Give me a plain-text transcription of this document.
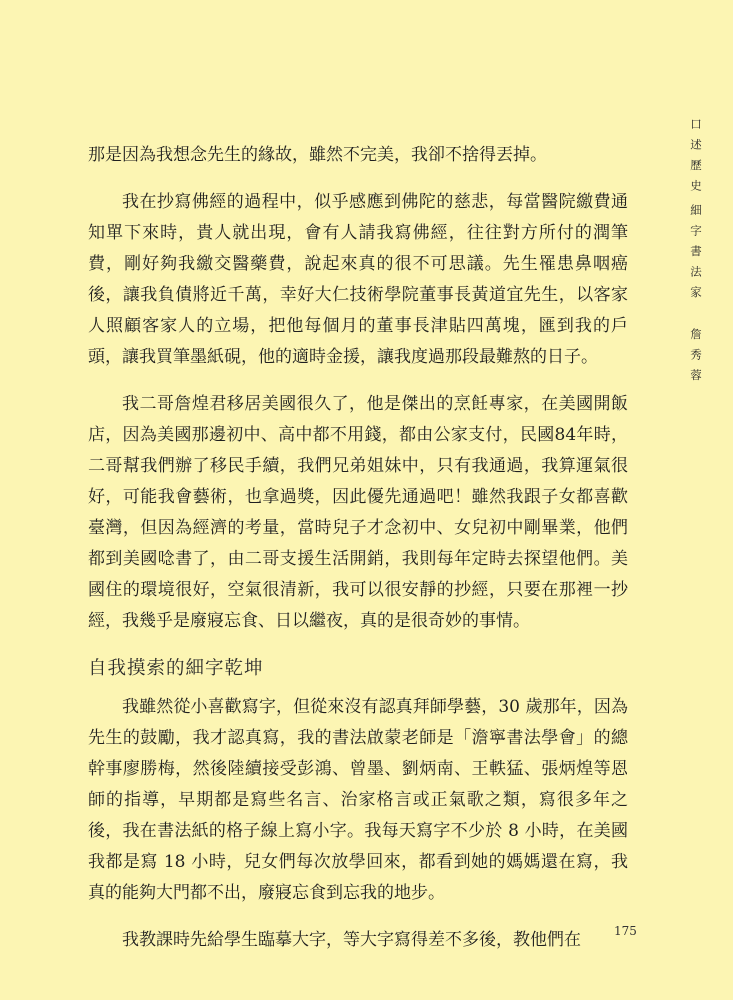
口述歷史
細字書法家
詹秀蓉

那是因為我想念先生的緣故，雖然不完美，我卻不捨得丟掉。

我在抄寫佛經的過程中，似乎感應到佛陀的慈悲，每當醫院繳費通知單下來時，貴人就出現，會有人請我寫佛經，往往對方所付的潤筆費，剛好夠我繳交醫藥費，說起來真的很不可思議。先生罹患鼻咽癌後，讓我負債將近千萬，幸好大仁技術學院董事長黃道宜先生，以客家人照顧客家人的立場，把他每個月的董事長津貼四萬塊，匯到我的戶頭，讓我買筆墨紙硯，他的適時金援，讓我度過那段最難熬的日子。

我二哥詹煌君移居美國很久了，他是傑出的烹飪專家，在美國開飯店，因為美國那邊初中、高中都不用錢，都由公家支付，民國84年時，二哥幫我們辦了移民手續，我們兄弟姐妹中，只有我通過，我算運氣很好，可能我會藝術，也拿過獎，因此優先通過吧！雖然我跟子女都喜歡臺灣，但因為經濟的考量，當時兒子才念初中、女兒初中剛畢業，他們都到美國唸書了，由二哥支援生活開銷，我則每年定時去探望他們。美國住的環境很好，空氣很清新，我可以很安靜的抄經，只要在那裡一抄經，我幾乎是廢寢忘食、日以繼夜，真的是很奇妙的事情。

自我摸索的細字乾坤

我雖然從小喜歡寫字，但從來沒有認真拜師學藝，30 歲那年，因為先生的鼓勵，我才認真寫，我的書法啟蒙老師是「澹寧書法學會」的總幹事廖勝梅，然後陸續接受彭鴻、曾墨、劉炳南、王軼猛、張炳煌等恩師的指導，早期都是寫些名言、治家格言或正氣歌之類，寫很多年之後，我在書法紙的格子線上寫小字。我每天寫字不少於 8 小時，在美國我都是寫 18 小時，兒女們每次放學回來，都看到她的媽媽還在寫，我真的能夠大門都不出，廢寢忘食到忘我的地步。

我教課時先給學生臨摹大字，等大字寫得差不多後，教他們在	175
